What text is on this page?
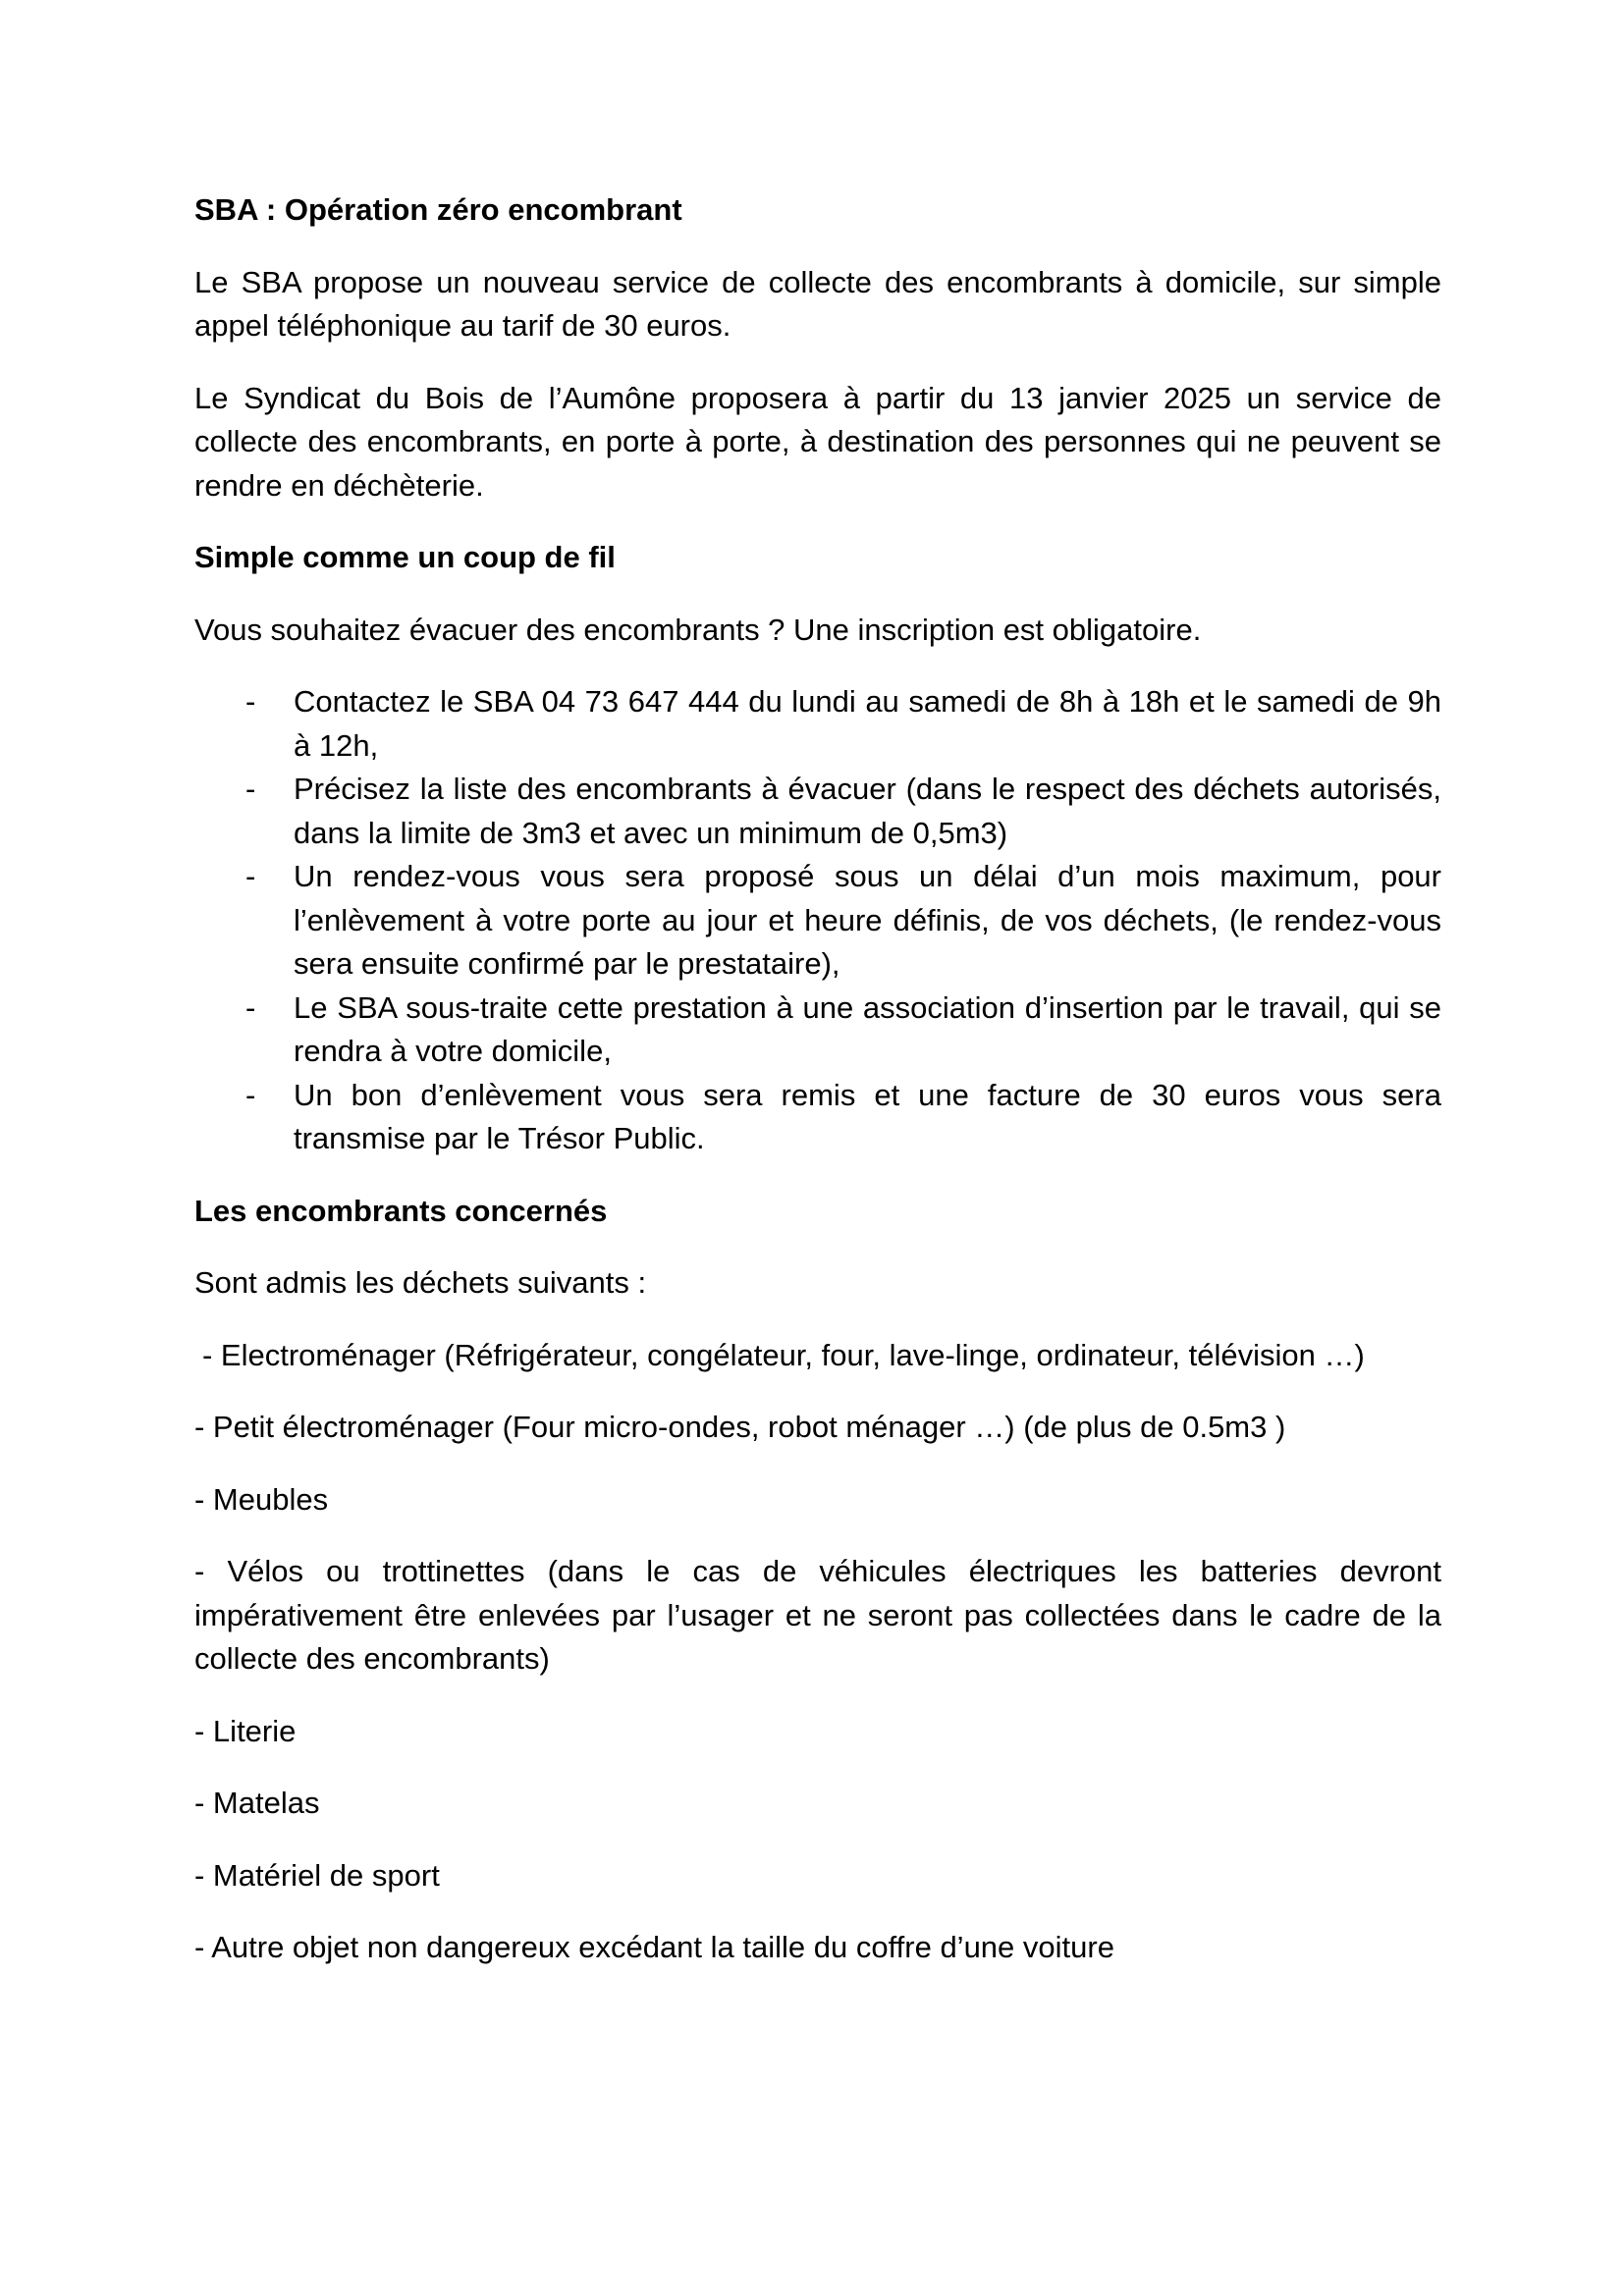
SBA : Opération zéro encombrant

Le SBA propose un nouveau service de collecte des encombrants à domicile, sur simple appel téléphonique au tarif de 30 euros.

Le Syndicat du Bois de l’Aumône proposera à partir du 13 janvier 2025 un service de collecte des encombrants, en porte à porte, à destination des personnes qui ne peuvent se rendre en déchèterie.

Simple comme un coup de fil

Vous souhaitez évacuer des encombrants ? Une inscription est obligatoire.

- Contactez le SBA 04 73 647 444 du lundi au samedi de 8h à 18h et le samedi de 9h à 12h,
- Précisez la liste des encombrants à évacuer (dans le respect des déchets autorisés, dans la limite de 3m3 et avec un minimum de 0,5m3)
- Un rendez-vous vous sera proposé sous un délai d’un mois maximum, pour l’enlèvement à votre porte au jour et heure définis, de vos déchets, (le rendez-vous sera ensuite confirmé par le prestataire),
- Le SBA sous-traite cette prestation à une association d’insertion par le travail, qui se rendra à votre domicile,
- Un bon d’enlèvement vous sera remis et une facture de 30 euros vous sera transmise par le Trésor Public.

Les encombrants concernés

Sont admis les déchets suivants :

- Electroménager (Réfrigérateur, congélateur, four, lave-linge, ordinateur, télévision …)

- Petit électroménager (Four micro-ondes, robot ménager …) (de plus de 0.5m3 )

- Meubles

- Vélos ou trottinettes (dans le cas de véhicules électriques les batteries devront impérativement être enlevées par l’usager et ne seront pas collectées dans le cadre de la collecte des encombrants)

- Literie

- Matelas

- Matériel de sport

- Autre objet non dangereux excédant la taille du coffre d’une voiture
